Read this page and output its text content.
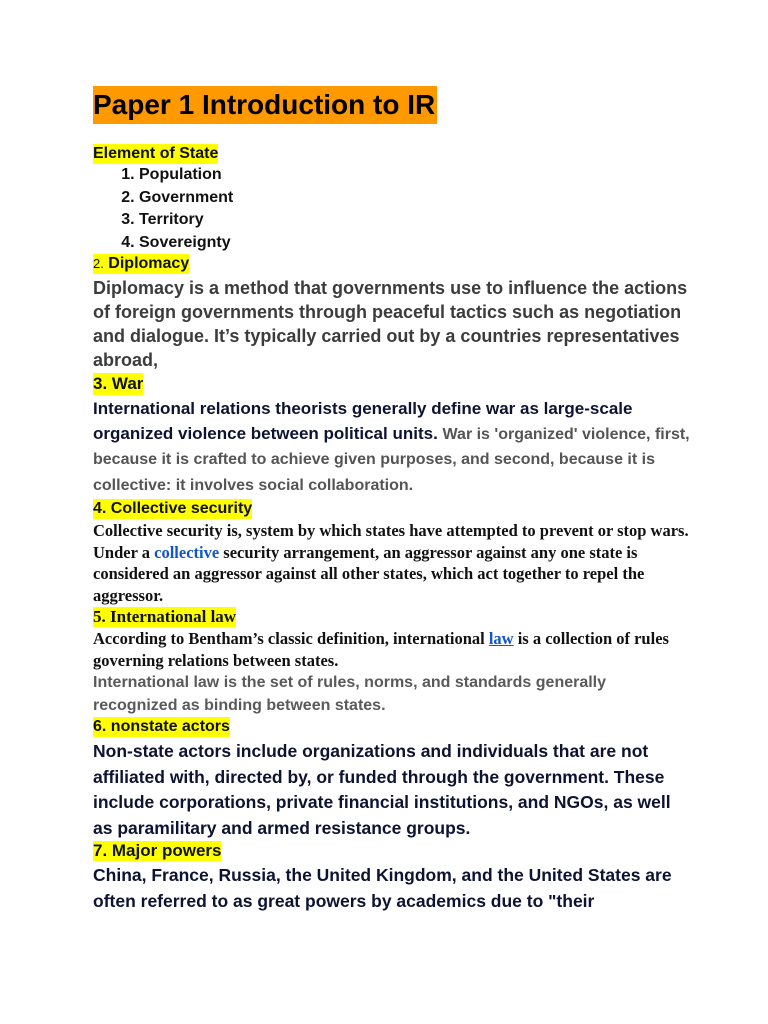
Paper 1 Introduction to IR
Element of State
1. Population
2. Government
3. Territory
4. Sovereignty
2. Diplomacy

Diplomacy is a method that governments use to influence the actions of foreign governments through peaceful tactics such as negotiation and dialogue. It’s typically carried out by a countries representatives abroad,

3. War

International relations theorists generally define war as large-scale organized violence between political units. War is 'organized' violence, first, because it is crafted to achieve given purposes, and second, because it is collective: it involves social collaboration.

4. Collective security

Collective security is, system by which states have attempted to prevent or stop wars. Under a collective security arrangement, an aggressor against any one state is considered an aggressor against all other states, which act together to repel the aggressor.

5. International law

According to Bentham’s classic definition, international law is a collection of rules governing relations between states.

International law is the set of rules, norms, and standards generally recognized as binding between states.

6. nonstate actors

Non-state actors include organizations and individuals that are not affiliated with, directed by, or funded through the government. These include corporations, private financial institutions, and NGOs, as well as paramilitary and armed resistance groups.

7. Major powers

China, France, Russia, the United Kingdom, and the United States are often referred to as great powers by academics due to "their
